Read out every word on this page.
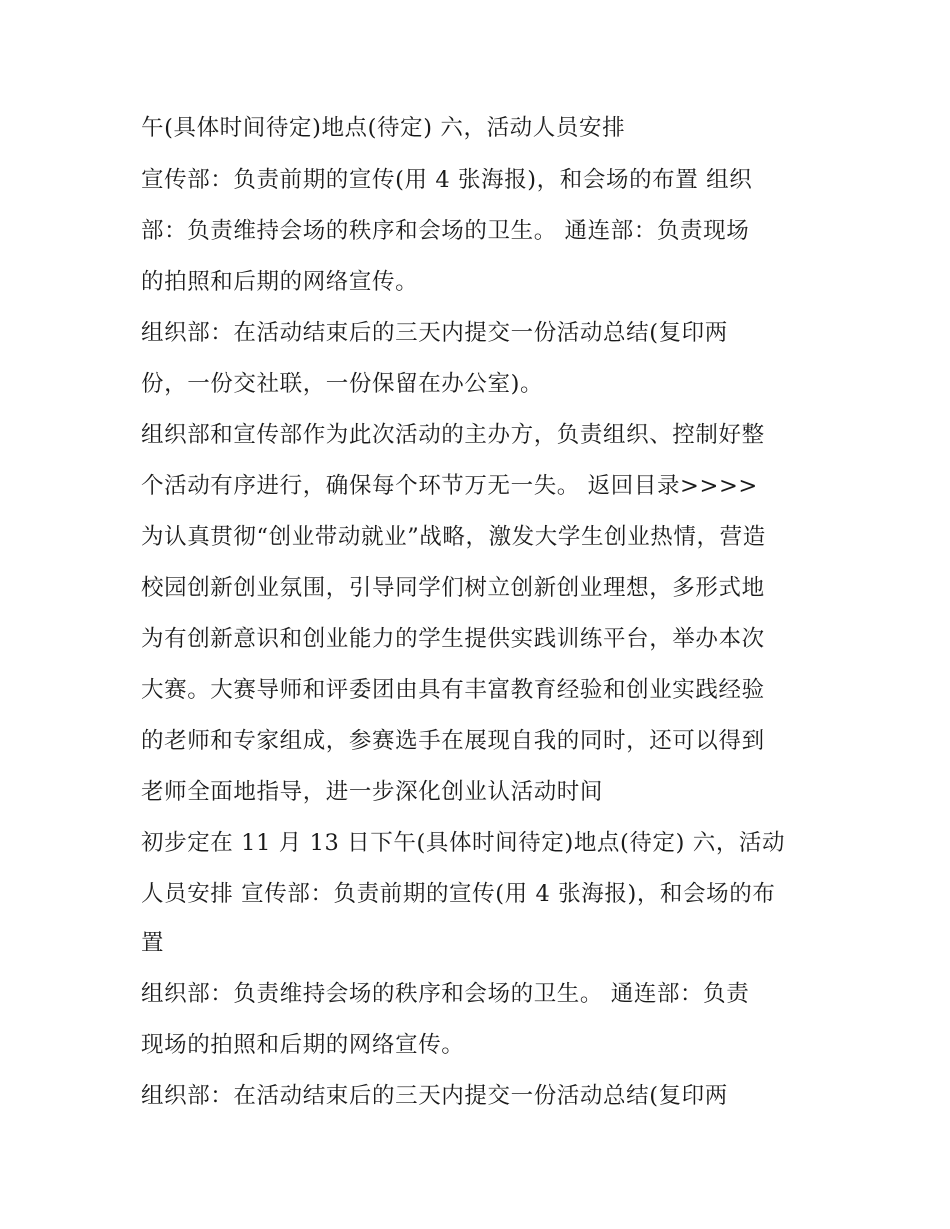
午(具体时间待定)地点(待定) 六，活动人员安排
宣传部：负责前期的宣传(用 4 张海报)，和会场的布置 组织
部：负责维持会场的秩序和会场的卫生。 通连部：负责现场
的拍照和后期的网络宣传。
组织部：在活动结束后的三天内提交一份活动总结(复印两
份，一份交社联，一份保留在办公室)。
组织部和宣传部作为此次活动的主办方，负责组织、控制好整
个活动有序进行，确保每个环节万无一失。 返回目录>>>>
为认真贯彻“创业带动就业”战略，激发大学生创业热情，营造
校园创新创业氛围，引导同学们树立创新创业理想，多形式地
为有创新意识和创业能力的学生提供实践训练平台，举办本次
大赛。大赛导师和评委团由具有丰富教育经验和创业实践经验
的老师和专家组成，参赛选手在展现自我的同时，还可以得到
老师全面地指导，进一步深化创业认活动时间
初步定在 11 月 13 日下午(具体时间待定)地点(待定) 六，活动
人员安排 宣传部：负责前期的宣传(用 4 张海报)，和会场的布
置
组织部：负责维持会场的秩序和会场的卫生。 通连部：负责
现场的拍照和后期的网络宣传。
组织部：在活动结束后的三天内提交一份活动总结(复印两
